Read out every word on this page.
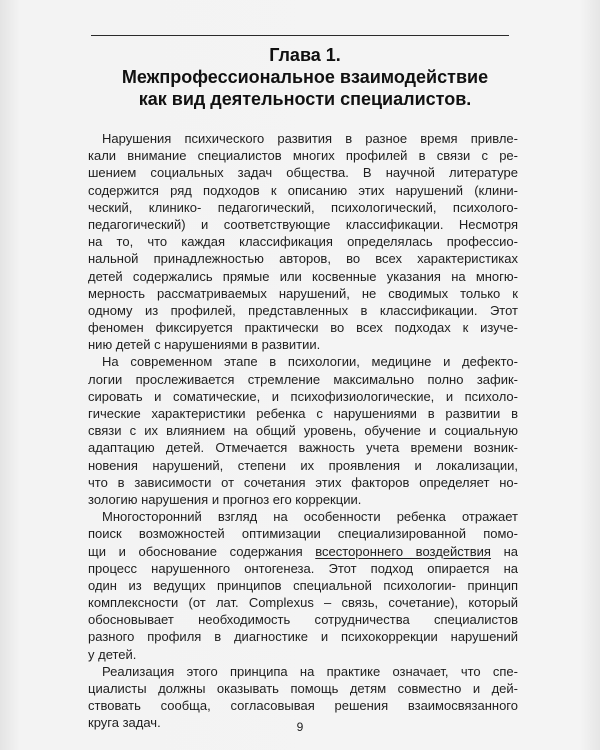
Глава 1.
Межпрофессиональное взаимодействие
как вид деятельности специалистов.
Нарушения психического развития в разное время привле-
кали внимание специалистов многих профилей в связи с ре-
шением социальных задач общества. В научной литературе
содержится ряд подходов к описанию этих нарушений (клини-
ческий, клинико- педагогический, психологический, психолого-
педагогический) и соответствующие классификации. Несмотря
на то, что каждая классификация определялась профессио-
нальной принадлежностью авторов, во всех характеристиках
детей содержались прямые или косвенные указания на многю-
мерность рассматриваемых нарушений, не сводимых только к
одному из профилей, представленных в классификации. Этот
феномен фиксируется практически во всех подходах к изуче-
нию детей с нарушениями в развитии.
На современном этапе в психологии, медицине и дефекто-
логии прослеживается стремление максимально полно зафик-
сировать и соматические, и психофизиологические, и психоло-
гические характеристики ребенка с нарушениями в развитии в
связи с их влиянием на общий уровень, обучение и социальную
адаптацию детей. Отмечается важность учета времени возник-
новения нарушений, степени их проявления и локализации,
что в зависимости от сочетания этих факторов определяет но-
зологию нарушения и прогноз его коррекции.
Многосторонний взгляд на особенности ребенка отражает
поиск возможностей оптимизации специализированной помо-
щи и обоснование содержания всестороннего воздействия на
процесс нарушенного онтогенеза. Этот подход опирается на
один из ведущих принципов специальной психологии- принцип
комплексности (от лат. Complexus – связь, сочетание), который
обосновывает необходимость сотрудничества специалистов
разного профиля в диагностике и психокоррекции нарушений
у детей.
Реализация этого принципа на практике означает, что спе-
циалисты должны оказывать помощь детям совместно и дей-
ствовать сообща, согласовывая решения взаимосвязанного
круга задач.	9
